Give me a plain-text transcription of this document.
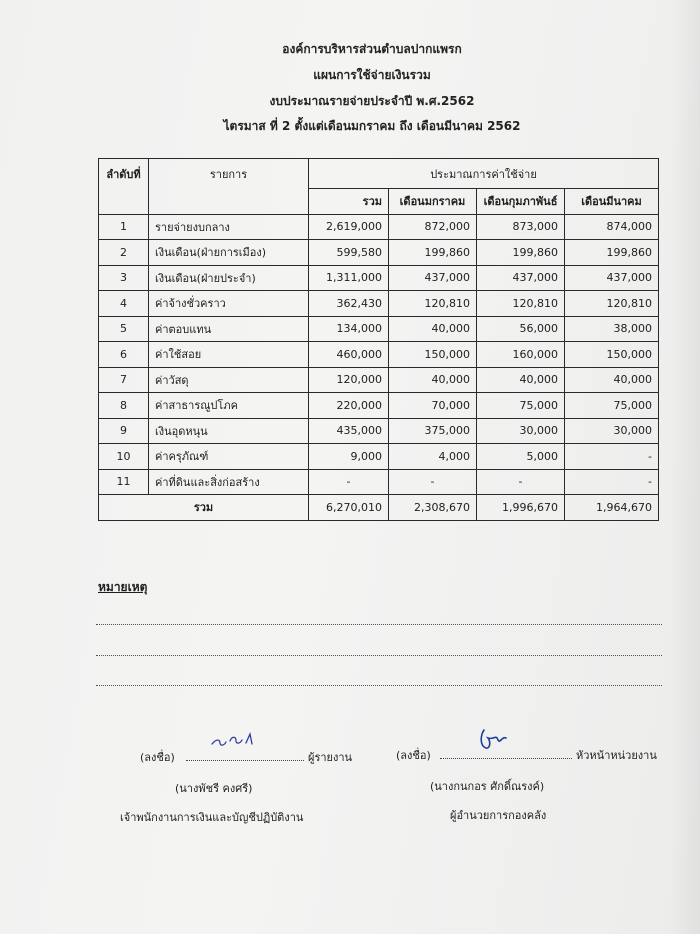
องค์การบริหารส่วนตำบลปากแพรก
แผนการใช้จ่ายเงินรวม
งบประมาณรายจ่ายประจำปี พ.ศ.2562
ไตรมาส ที่ 2 ตั้งแต่เดือนมกราคม ถึง เดือนมีนาคม 2562
ลำดับที่	รายการ	ประมาณการค่าใช้จ่าย			
		รวม	เดือนมกราคม	เดือนกุมภาพันธ์	เดือนมีนาคม
1	รายจ่ายงบกลาง	2,619,000	872,000	873,000	874,000
2	เงินเดือน(ฝ่ายการเมือง)	599,580	199,860	199,860	199,860
3	เงินเดือน(ฝ่ายประจำ)	1,311,000	437,000	437,000	437,000
4	ค่าจ้างชั่วคราว	362,430	120,810	120,810	120,810
5	ค่าตอบแทน	134,000	40,000	56,000	38,000
6	ค่าใช้สอย	460,000	150,000	160,000	150,000
7	ค่าวัสดุ	120,000	40,000	40,000	40,000
8	ค่าสาธารณูปโภค	220,000	70,000	75,000	75,000
9	เงินอุดหนุน	435,000	375,000	30,000	30,000
10	ค่าครุภัณฑ์	9,000	4,000	5,000	-
11	ค่าที่ดินและสิ่งก่อสร้าง	-	-	-	-
รวม		6,270,010	2,308,670	1,996,670	1,964,670
หมายเหตุ
(ลงชื่อ)	ผู้รายงาน
(นางพัชรี คงศรี)
เจ้าพนักงานการเงินและบัญชีปฏิบัติงาน
(ลงชื่อ)	หัวหน้าหน่วยงาน
(นางกนกอร ศักดิ์ณรงค์)
ผู้อำนวยการกองคลัง
